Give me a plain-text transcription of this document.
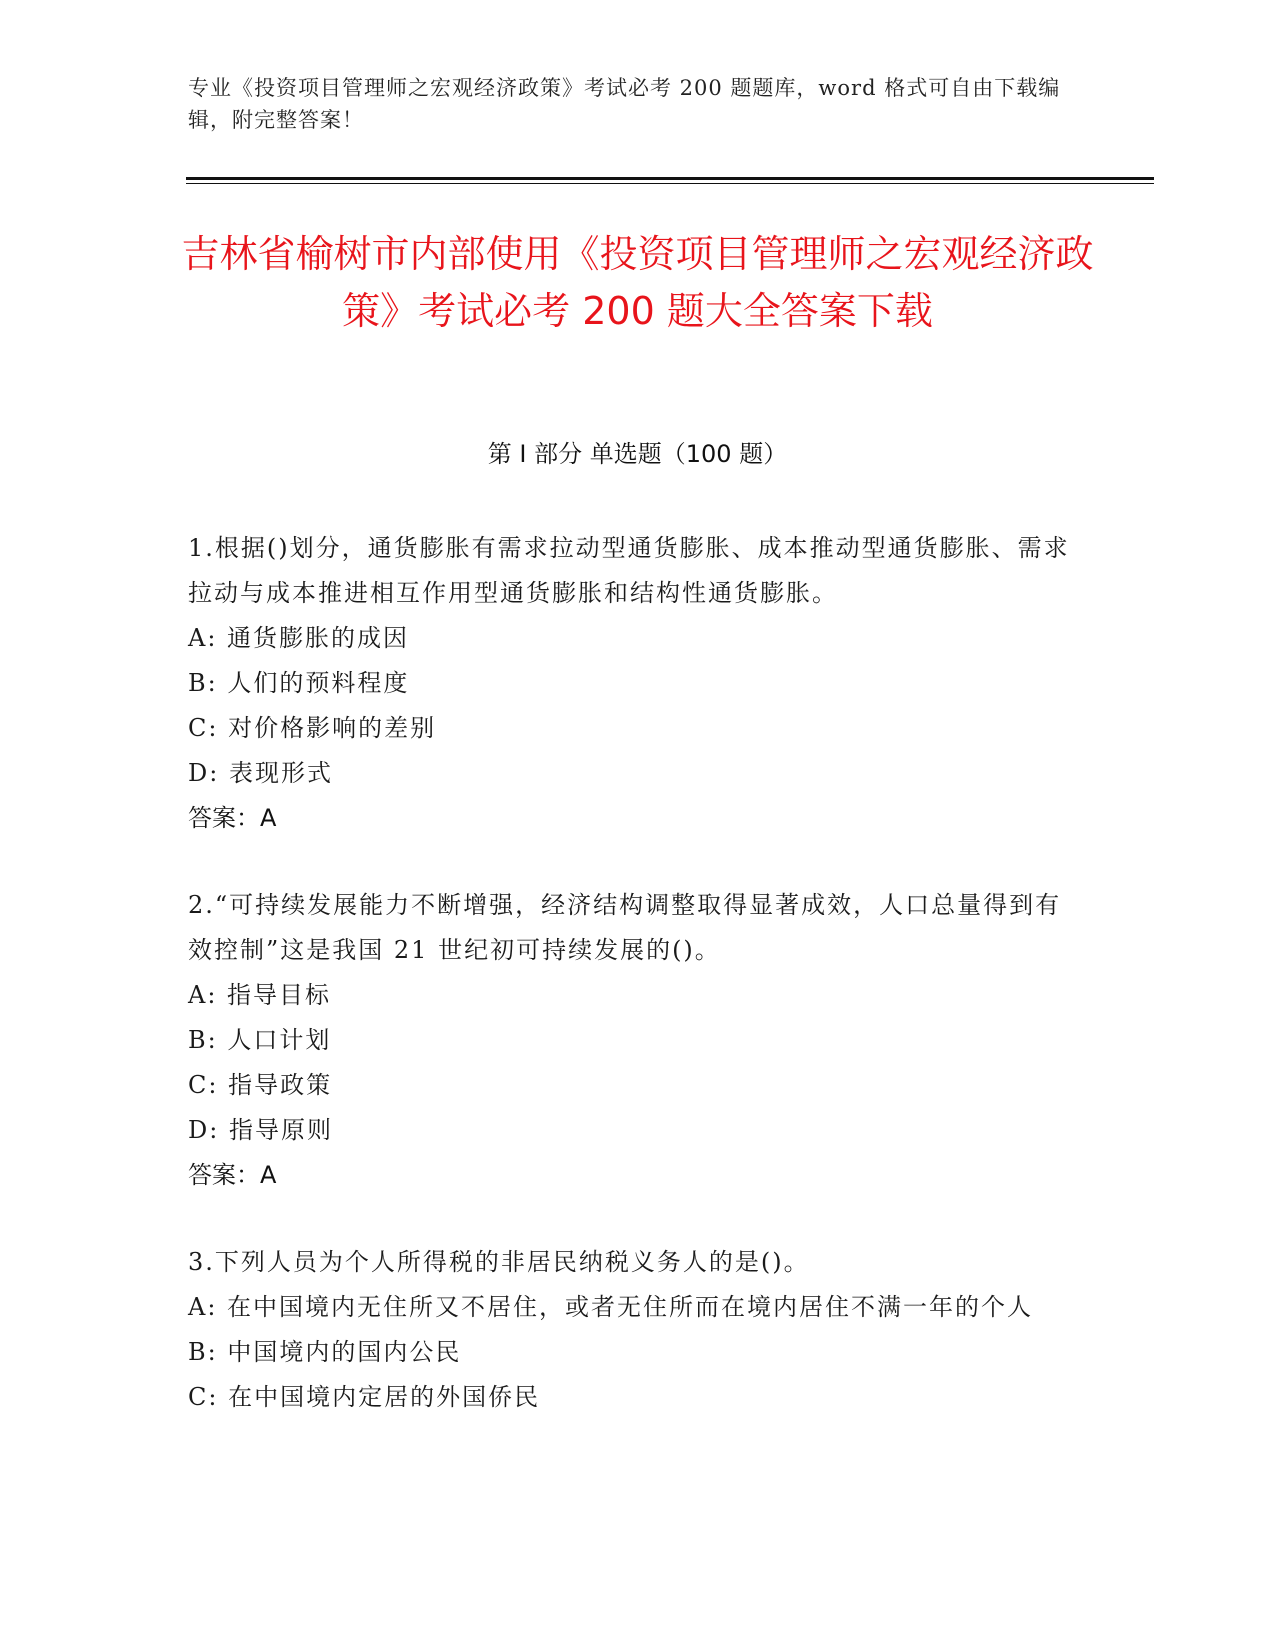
专业《投资项目管理师之宏观经济政策》考试必考 200 题题库，word 格式可自由下载编辑，附完整答案！
吉林省榆树市内部使用《投资项目管理师之宏观经济政策》考试必考 200 题大全答案下载
第 I 部分 单选题（100 题）
1.根据()划分，通货膨胀有需求拉动型通货膨胀、成本推动型通货膨胀、需求拉动与成本推进相互作用型通货膨胀和结构性通货膨胀。
A: 通货膨胀的成因
B: 人们的预料程度
C: 对价格影响的差别
D: 表现形式
答案：A
2.“可持续发展能力不断增强，经济结构调整取得显著成效，人口总量得到有效控制”这是我国 21 世纪初可持续发展的()。
A: 指导目标
B: 人口计划
C: 指导政策
D: 指导原则
答案：A
3.下列人员为个人所得税的非居民纳税义务人的是()。
A: 在中国境内无住所又不居住，或者无住所而在境内居住不满一年的个人
B: 中国境内的国内公民
C: 在中国境内定居的外国侨民
